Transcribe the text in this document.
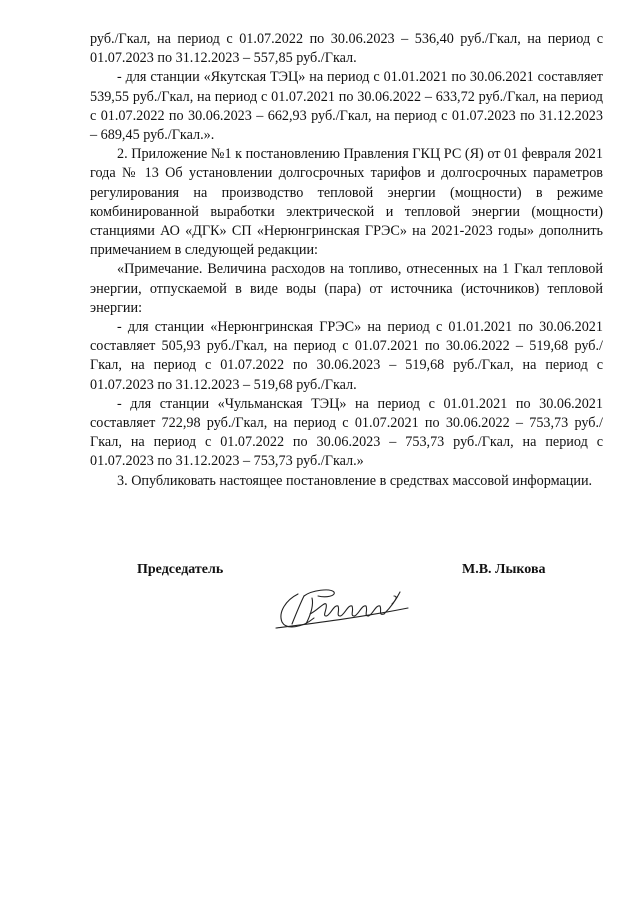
руб./Гкал, на период с 01.07.2022 по 30.06.2023 – 536,40 руб./Гкал, на период с 01.07.2023 по 31.12.2023 – 557,85 руб./Гкал.

- для станции «Якутская ТЭЦ» на период с 01.01.2021 по 30.06.2021 составляет 539,55 руб./Гкал, на период с 01.07.2021 по 30.06.2022 – 633,72 руб./Гкал, на период с 01.07.2022 по 30.06.2023 – 662,93 руб./Гкал, на период с 01.07.2023 по 31.12.2023 – 689,45 руб./Гкал.».

2. Приложение №1 к постановлению Правления ГКЦ РС (Я) от 01 февраля 2021 года № 13 Об установлении долгосрочных тарифов и долгосрочных параметров регулирования на производство тепловой энергии (мощности) в режиме комбинированной выработки электрической и тепловой энергии (мощности) станциями АО «ДГК» СП «Нерюнгринская ГРЭС» на 2021-2023 годы» дополнить примечанием в следующей редакции:

«Примечание. Величина расходов на топливо, отнесенных на 1 Гкал тепловой энергии, отпускаемой в виде воды (пара) от источника (источников) тепловой энергии:

- для станции «Нерюнгринская ГРЭС» на период с 01.01.2021 по 30.06.2021 составляет 505,93 руб./Гкал, на период с 01.07.2021 по 30.06.2022 – 519,68 руб./Гкал, на период с 01.07.2022 по 30.06.2023 – 519,68 руб./Гкал, на период с 01.07.2023 по 31.12.2023 – 519,68 руб./Гкал.

- для станции «Чульманская ТЭЦ» на период с 01.01.2021 по 30.06.2021 составляет 722,98 руб./Гкал, на период с 01.07.2021 по 30.06.2022 – 753,73 руб./Гкал, на период с 01.07.2022 по 30.06.2023 – 753,73 руб./Гкал, на период с 01.07.2023 по 31.12.2023 – 753,73 руб./Гкал.»

3. Опубликовать настоящее постановление в средствах массовой информации.

Председатель	М.В. Лыкова
